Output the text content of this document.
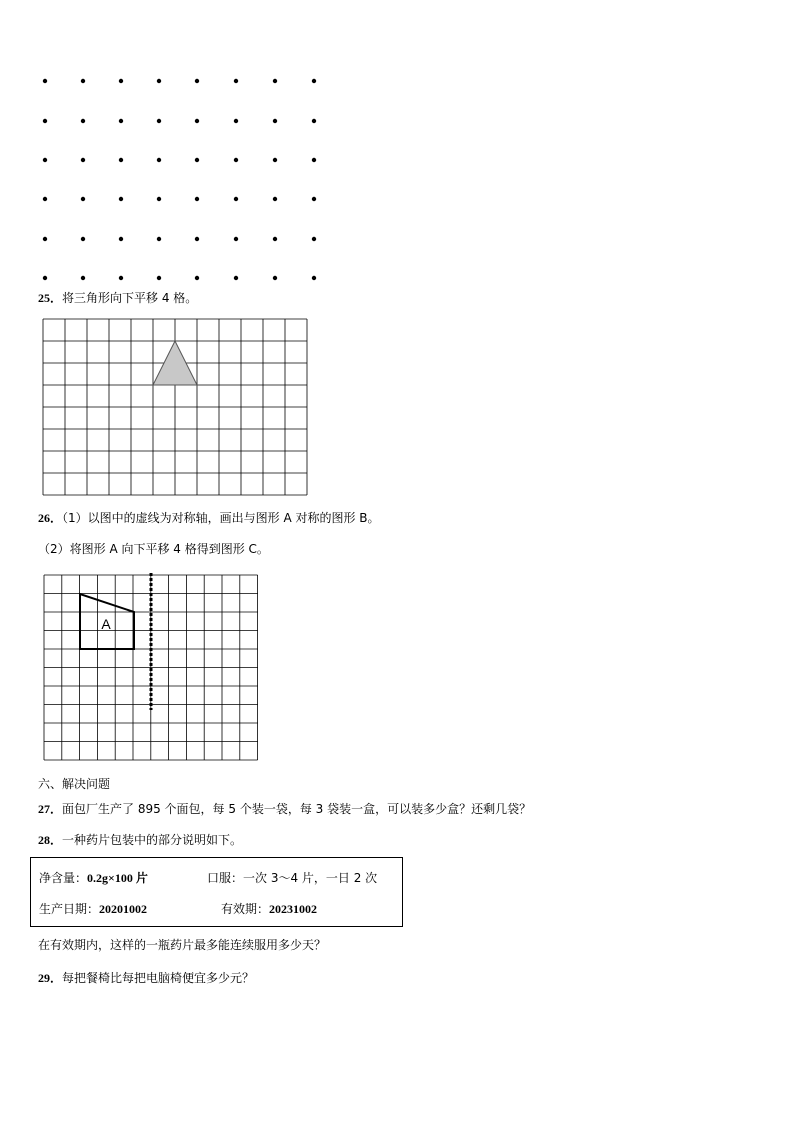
25．将三角形向下平移 4 格。
26．（1）以图中的虚线为对称轴，画出与图形 A 对称的图形 B。
（2）将图形 A 向下平移 4 格得到图形 C。
A
六、解决问题
27．面包厂生产了 895 个面包，每 5 个装一袋，每 3 袋装一盒，可以装多少盒？还剩几袋？
28．一种药片包装中的部分说明如下。
净含量：0.2g×100 片	口服：一次 3～4 片，一日 2 次
生产日期：20201002	有效期：20231002
在有效期内，这样的一瓶药片最多能连续服用多少天？
29．每把餐椅比每把电脑椅便宜多少元？
